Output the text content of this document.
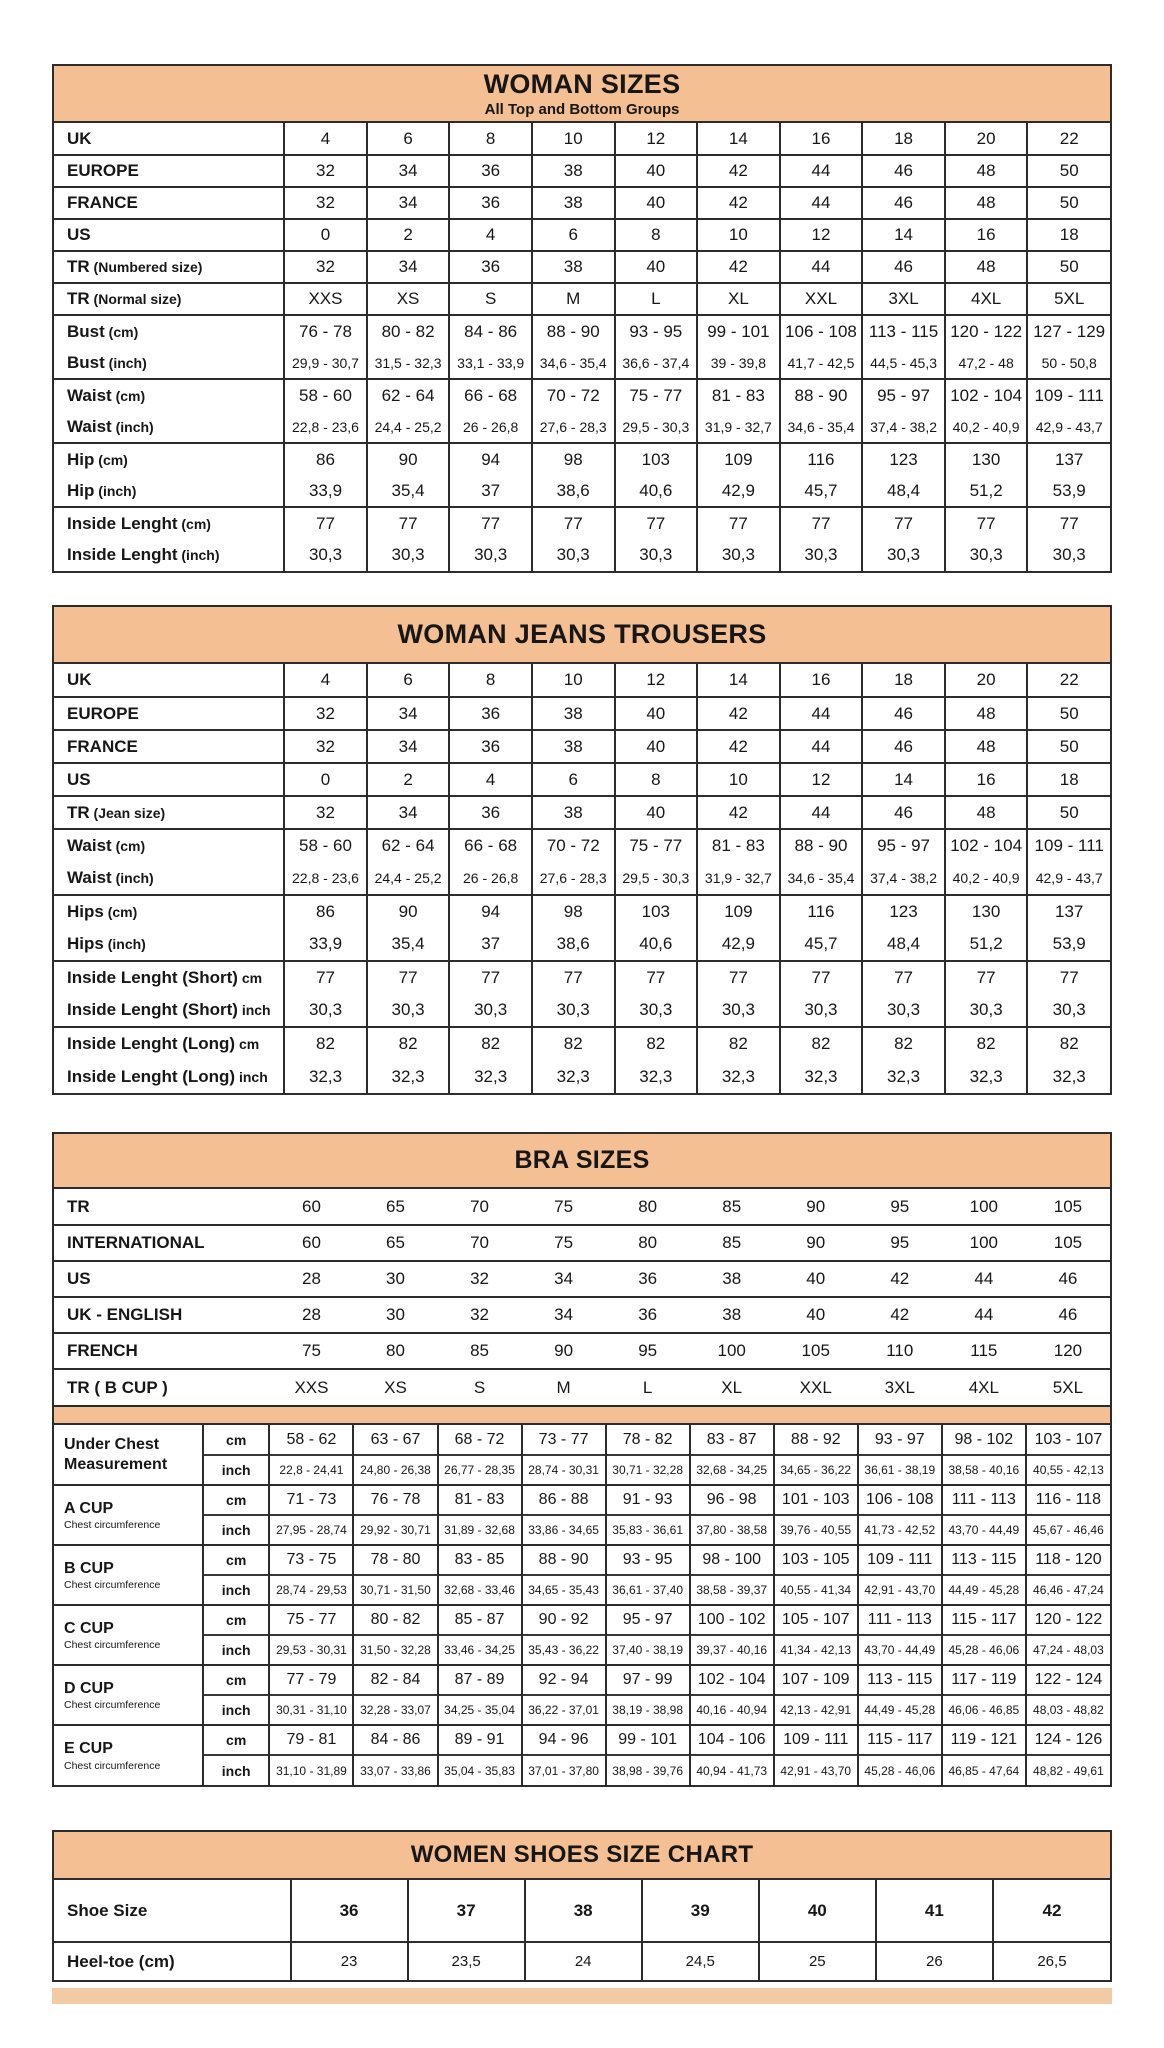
WOMAN SIZES
All Top and Bottom Groups
UK	4	6	8	10	12	14	16	18	20	22
EUROPE	32	34	36	38	40	42	44	46	48	50
FRANCE	32	34	36	38	40	42	44	46	48	50
US	0	2	4	6	8	10	12	14	16	18
TR (Numbered size)	32	34	36	38	40	42	44	46	48	50
TR (Normal size)	XXS	XS	S	M	L	XL	XXL	3XL	4XL	5XL
Bust (cm)	76 - 78	80 - 82	84 - 86	88 - 90	93 - 95	99 - 101	106 - 108	113 - 115	120 - 122	127 - 129
Bust (inch)	29,9 - 30,7	31,5 - 32,3	33,1 - 33,9	34,6 - 35,4	36,6 - 37,4	39 - 39,8	41,7 - 42,5	44,5 - 45,3	47,2 - 48	50 - 50,8
Waist (cm)	58 - 60	62 - 64	66 - 68	70 - 72	75 - 77	81 - 83	88 - 90	95 - 97	102 - 104	109 - 111
Waist (inch)	22,8 - 23,6	24,4 - 25,2	26 - 26,8	27,6 - 28,3	29,5 - 30,3	31,9 - 32,7	34,6 - 35,4	37,4 - 38,2	40,2 - 40,9	42,9 - 43,7
Hip (cm)	86	90	94	98	103	109	116	123	130	137
Hip (inch)	33,9	35,4	37	38,6	40,6	42,9	45,7	48,4	51,2	53,9
Inside Lenght (cm)	77	77	77	77	77	77	77	77	77	77
Inside Lenght (inch)	30,3	30,3	30,3	30,3	30,3	30,3	30,3	30,3	30,3	30,3
WOMAN JEANS TROUSERS
UK	4	6	8	10	12	14	16	18	20	22
EUROPE	32	34	36	38	40	42	44	46	48	50
FRANCE	32	34	36	38	40	42	44	46	48	50
US	0	2	4	6	8	10	12	14	16	18
TR (Jean size)	32	34	36	38	40	42	44	46	48	50
Waist (cm)	58 - 60	62 - 64	66 - 68	70 - 72	75 - 77	81 - 83	88 - 90	95 - 97	102 - 104	109 - 111
Waist (inch)	22,8 - 23,6	24,4 - 25,2	26 - 26,8	27,6 - 28,3	29,5 - 30,3	31,9 - 32,7	34,6 - 35,4	37,4 - 38,2	40,2 - 40,9	42,9 - 43,7
Hips (cm)	86	90	94	98	103	109	116	123	130	137
Hips (inch)	33,9	35,4	37	38,6	40,6	42,9	45,7	48,4	51,2	53,9
Inside Lenght (Short) cm	77	77	77	77	77	77	77	77	77	77
Inside Lenght (Short) inch	30,3	30,3	30,3	30,3	30,3	30,3	30,3	30,3	30,3	30,3
Inside Lenght (Long) cm	82	82	82	82	82	82	82	82	82	82
Inside Lenght (Long) inch	32,3	32,3	32,3	32,3	32,3	32,3	32,3	32,3	32,3	32,3
BRA SIZES
TR	60	65	70	75	80	85	90	95	100	105
INTERNATIONAL	60	65	70	75	80	85	90	95	100	105
US	28	30	32	34	36	38	40	42	44	46
UK - ENGLISH	28	30	32	34	36	38	40	42	44	46
FRENCH	75	80	85	90	95	100	105	110	115	120
TR ( B CUP )	XXS	XS	S	M	L	XL	XXL	3XL	4XL	5XL
Under Chest
Measurement	cm	58 - 62	63 - 67	68 - 72	73 - 77	78 - 82	83 - 87	88 - 92	93 - 97	98 - 102	103 - 107
	inch	22,8 - 24,41	24,80 - 26,38	26,77 - 28,35	28,74 - 30,31	30,71 - 32,28	32,68 - 34,25	34,65 - 36,22	36,61 - 38,19	38,58 - 40,16	40,55 - 42,13

A CUP
Chest circumference	cm	71 - 73	76 - 78	81 - 83	86 - 88	91 - 93	96 - 98	101 - 103	106 - 108	111 - 113	116 - 118
	inch	27,95 - 28,74	29,92 - 30,71	31,89 - 32,68	33,86 - 34,65	35,83 - 36,61	37,80 - 38,58	39,76 - 40,55	41,73 - 42,52	43,70 - 44,49	45,67 - 46,46

B CUP
Chest circumference	cm	73 - 75	78 - 80	83 - 85	88 - 90	93 - 95	98 - 100	103 - 105	109 - 111	113 - 115	118 - 120
	inch	28,74 - 29,53	30,71 - 31,50	32,68 - 33,46	34,65 - 35,43	36,61 - 37,40	38,58 - 39,37	40,55 - 41,34	42,91 - 43,70	44,49 - 45,28	46,46 - 47,24

C CUP
Chest circumference	cm	75 - 77	80 - 82	85 - 87	90 - 92	95 - 97	100 - 102	105 - 107	111 - 113	115 - 117	120 - 122
	inch	29,53 - 30,31	31,50 - 32,28	33,46 - 34,25	35,43 - 36,22	37,40 - 38,19	39,37 - 40,16	41,34 - 42,13	43,70 - 44,49	45,28 - 46,06	47,24 - 48,03

D CUP
Chest circumference	cm	77 - 79	82 - 84	87 - 89	92 - 94	97 - 99	102 - 104	107 - 109	113 - 115	117 - 119	122 - 124
	inch	30,31 - 31,10	32,28 - 33,07	34,25 - 35,04	36,22 - 37,01	38,19 - 38,98	40,16 - 40,94	42,13 - 42,91	44,49 - 45,28	46,06 - 46,85	48,03 - 48,82

E CUP
Chest circumference	cm	79 - 81	84 - 86	89 - 91	94 - 96	99 - 101	104 - 106	109 - 111	115 - 117	119 - 121	124 - 126
	inch	31,10 - 31,89	33,07 - 33,86	35,04 - 35,83	37,01 - 37,80	38,98 - 39,76	40,94 - 41,73	42,91 - 43,70	45,28 - 46,06	46,85 - 47,64	48,82 - 49,61
WOMEN SHOES SIZE CHART
Shoe Size	36	37	38	39	40	41	42
Heel-toe (cm)	23	23,5	24	24,5	25	26	26,5
